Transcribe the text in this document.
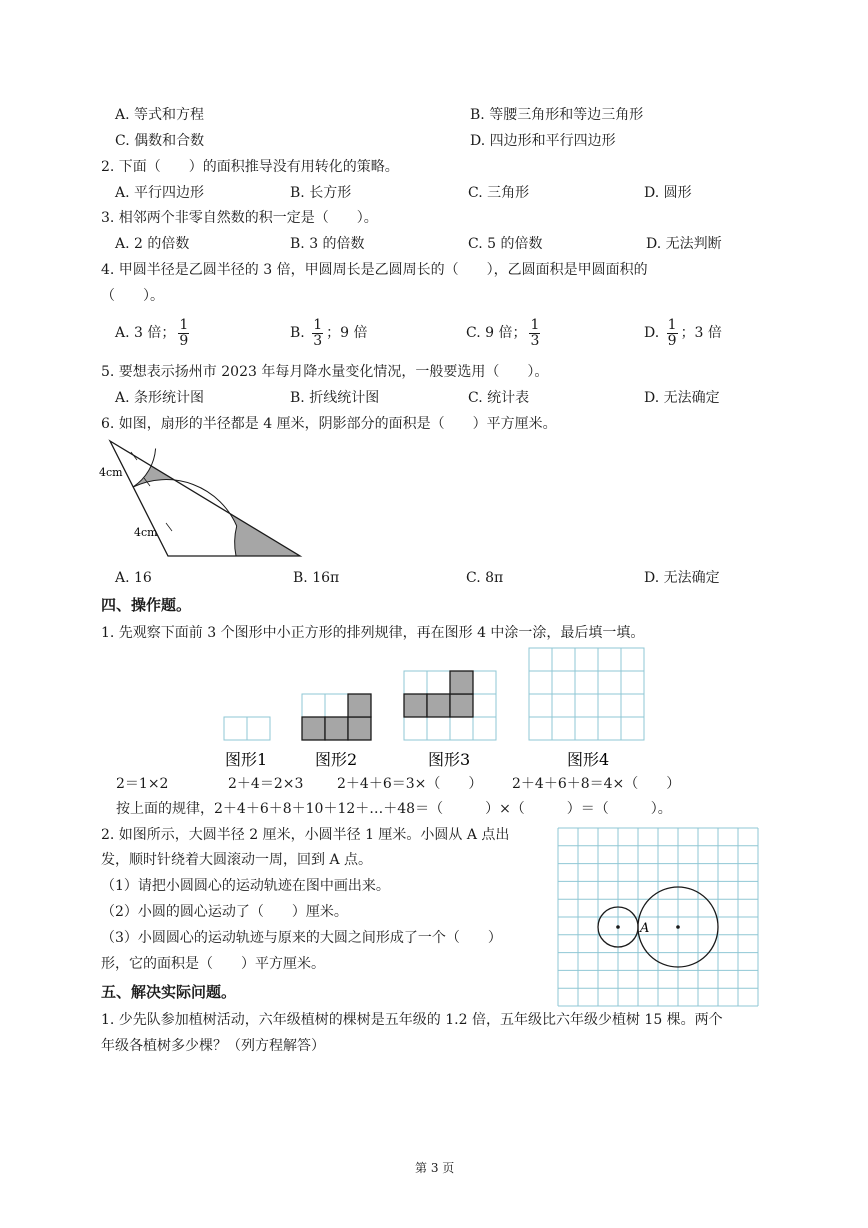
A. 等式和方程	B. 等腰三角形和等边三角形
C. 偶数和合数	D. 四边形和平行四边形
2. 下面（　　）的面积推导没有用转化的策略。
A. 平行四边形	B. 长方形	C. 三角形	D. 圆形
3. 相邻两个非零自然数的积一定是（　　）。
A. 2 的倍数	B. 3 的倍数	C. 5 的倍数	D. 无法判断
4. 甲圆半径是乙圆半径的 3 倍，甲圆周长是乙圆周长的（　　），乙圆面积是甲圆面积的
（　　）。
A. 3 倍； $\frac{1}{9}$	B. $\frac{1}{3}$ ；9 倍	C. 9 倍； $\frac{1}{3}$	D. $\frac{1}{9}$ ；3 倍
5. 要想表示扬州市 2023 年每月降水量变化情况，一般要选用（　　）。
A. 条形统计图	B. 折线统计图	C. 统计表	D. 无法确定
6. 如图，扇形的半径都是 4 厘米，阴影部分的面积是（　　）平方厘米。
4cm
4cm
A. 16	B. 16π	C. 8π	D. 无法确定
四、操作题。
1. 先观察下面前 3 个图形中小正方形的排列规律，再在图形 4 中涂一涂，最后填一填。
图形1	图形2	图形3	图形4
2＝1×2	2＋4＝2×3 2＋4＋6＝3×（　　） 2＋4＋6＋8＝4×（　　）
按上面的规律，2＋4＋6＋8＋10＋12＋…＋48＝（　　　）×（　　　）＝（　　　）。
2. 如图所示，大圆半径 2 厘米，小圆半径 1 厘米。小圆从 A 点出
发，顺时针绕着大圆滚动一周，回到 A 点。
（1）请把小圆圆心的运动轨迹在图中画出来。
（2）小圆的圆心运动了（　　）厘米。
（3）小圆圆心的运动轨迹与原来的大圆之间形成了一个（　　）
形，它的面积是（　　）平方厘米。
A
五、解决实际问题。
1. 少先队参加植树活动，六年级植树的棵树是五年级的 1.2 倍，五年级比六年级少植树 15 棵。两个
年级各植树多少棵？（列方程解答）
第 3 页
